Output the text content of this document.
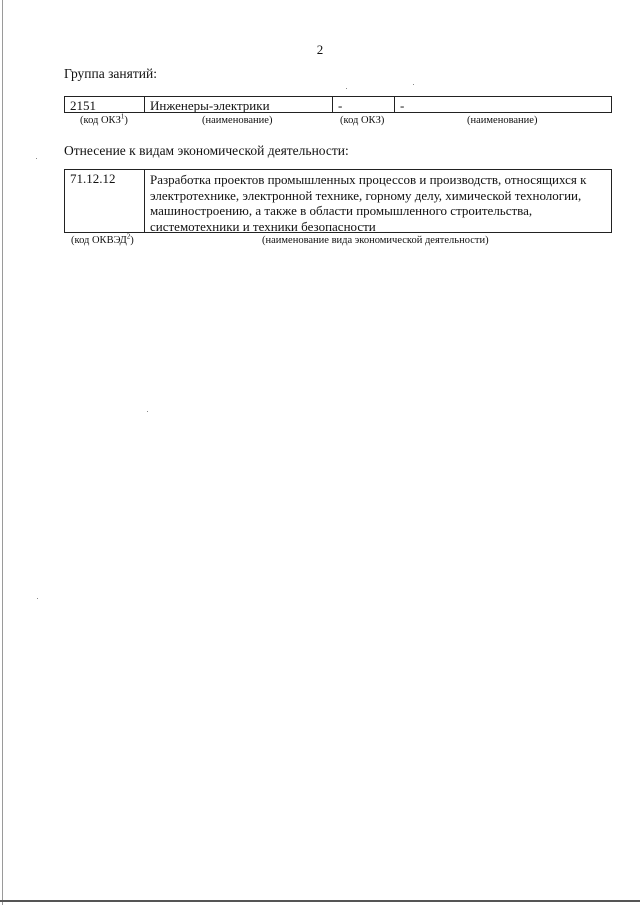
2
Группа занятий:
2151	Инженеры-электрики	-	-
(код ОКЗ$^1$)	(наименование)	(код ОКЗ)	(наименование)
Отнесение к видам экономической деятельности:
71.12.12	Разработка проектов промышленных процессов и производств, относящихся к
электротехнике, электронной технике, горному делу, химической технологии,
машиностроению, а также в области промышленного строительства,
системотехники и техники безопасности
(код ОКВЭД$^2$)	(наименование вида экономической деятельности)
